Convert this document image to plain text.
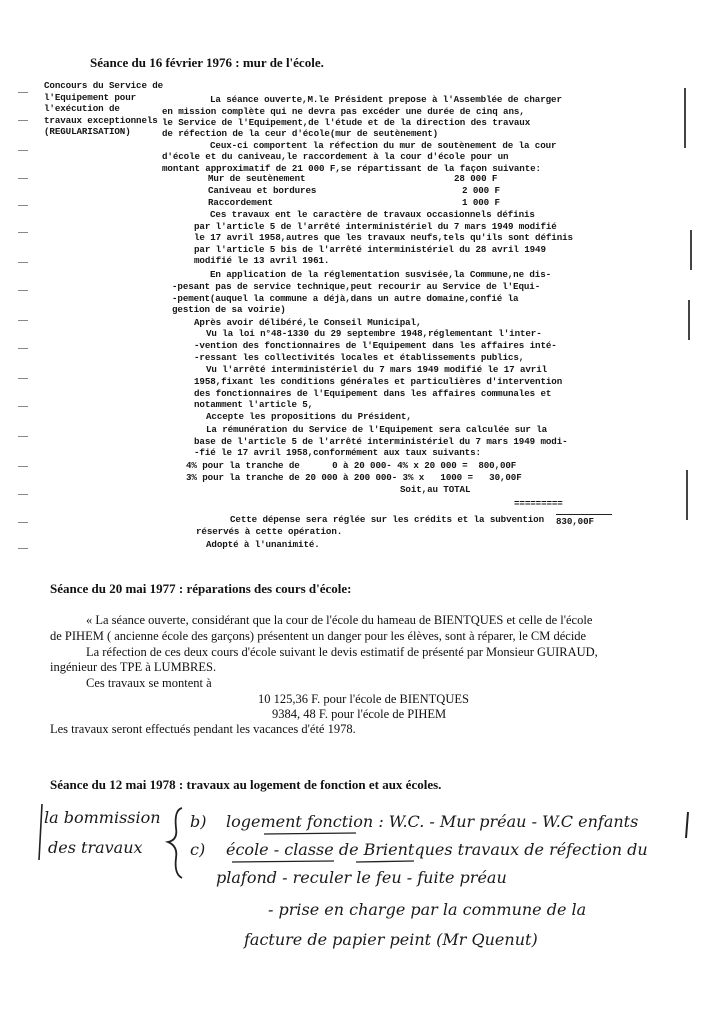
Séance du 16 février 1976 : mur de l'école.
Concours du Service de
l'Equipement pour
l'exécution de
travaux exceptionnels
(REGULARISATION)
La séance ouverte,M.le Président prepose à l'Assemblée de charger
en mission complète qui ne devra pas excéder une durée de cinq ans,
le Service de l'Equipement,de l'étude et de la direction des travaux
de réfection de la ceur d'école(mur de seutènement)
Ceux-ci comportent la réfection du mur de soutènement de la cour
d'école et du caniveau,le raccordement à la cour d'école pour un
montant approximatif de 21 000 F,se répartissant de la façon suivante:
Mur de seutènement
Caniveau et bordures
Raccordement
Ces travaux ent le caractère de travaux occasionnels définis
par l'article 5 de l'arrêté interministériel du 7 mars 1949 modifié
le 17 avril 1958,autres que les travaux neufs,tels qu'ils sont définis
par l'article 5 bis de l'arrêté interministériel du 28 avril 1949
modifié le 13 avril 1961.
En application de la réglementation susvisée,la Commune,ne dis-
-pesant pas de service technique,peut recourir au Service de l'Equi-
-pement(auquel la commune a déjà,dans un autre domaine,confié la
gestion de sa voirie)
Après avoir délibéré,le Conseil Municipal,
Vu la loi n°48-1330 du 29 septembre 1948,réglementant l'inter-
-vention des fonctionnaires de l'Equipement dans les affaires inté-
-ressant les collectivités locales et établissements publics,
Vu l'arrêté interministériel du 7 mars 1949 modifié le 17 avril
1958,fixant les conditions générales et particulières d'intervention
des fonctionnaires de l'Equipement dans les affaires communales et
notamment l'article 5,
Accepte les propositions du Président,
La rémunération du Service de l'Equipement sera calculée sur la
base de l'article 5 de l'arrêté interministériel du 7 mars 1949 modi-
-fié le 17 avril 1958,conformément aux taux suivants:
4% pour la tranche de      0 à 20 000- 4% x 20 000 =  800,00F
3% pour la tranche de 20 000 à 200 000- 3% x   1000 =   30,00F
Soit,au TOTAL
=========
Cette dépense sera réglée sur les crédits et la subvention
réservés à cette opération.
Adopté à l'unanimité.
28 000 F
2 000 F
1 000 F
830,00F
Séance du 20 mai 1977 : réparations des cours d'école:
« La séance ouverte, considérant que la cour de l'école du hameau de BIENTQUES et celle de l'école
de PIHEM ( ancienne école des garçons) présentent un danger pour les élèves, sont à réparer, le CM décide
La réfection de ces deux cours d'école suivant le devis estimatif de présenté par Monsieur GUIRAUD,
ingénieur des TPE à LUMBRES.
Ces travaux se montent à
10 125,36 F. pour l'école de BIENTQUES
9384, 48 F. pour l'école de PIHEM
Les travaux seront effectués pendant les vacances d'été 1978.
Séance du 12 mai 1978 : travaux au logement de fonction et aux écoles.
la bommission
des travaux
b) logement fonction : W.C. - Mur préau - W.C enfants
c) école - classe de Brientques travaux de réfection du
plafond - reculer le feu - fuite préau
- prise en charge par la commune de la
facture de papier peint (Mr Quenut)
